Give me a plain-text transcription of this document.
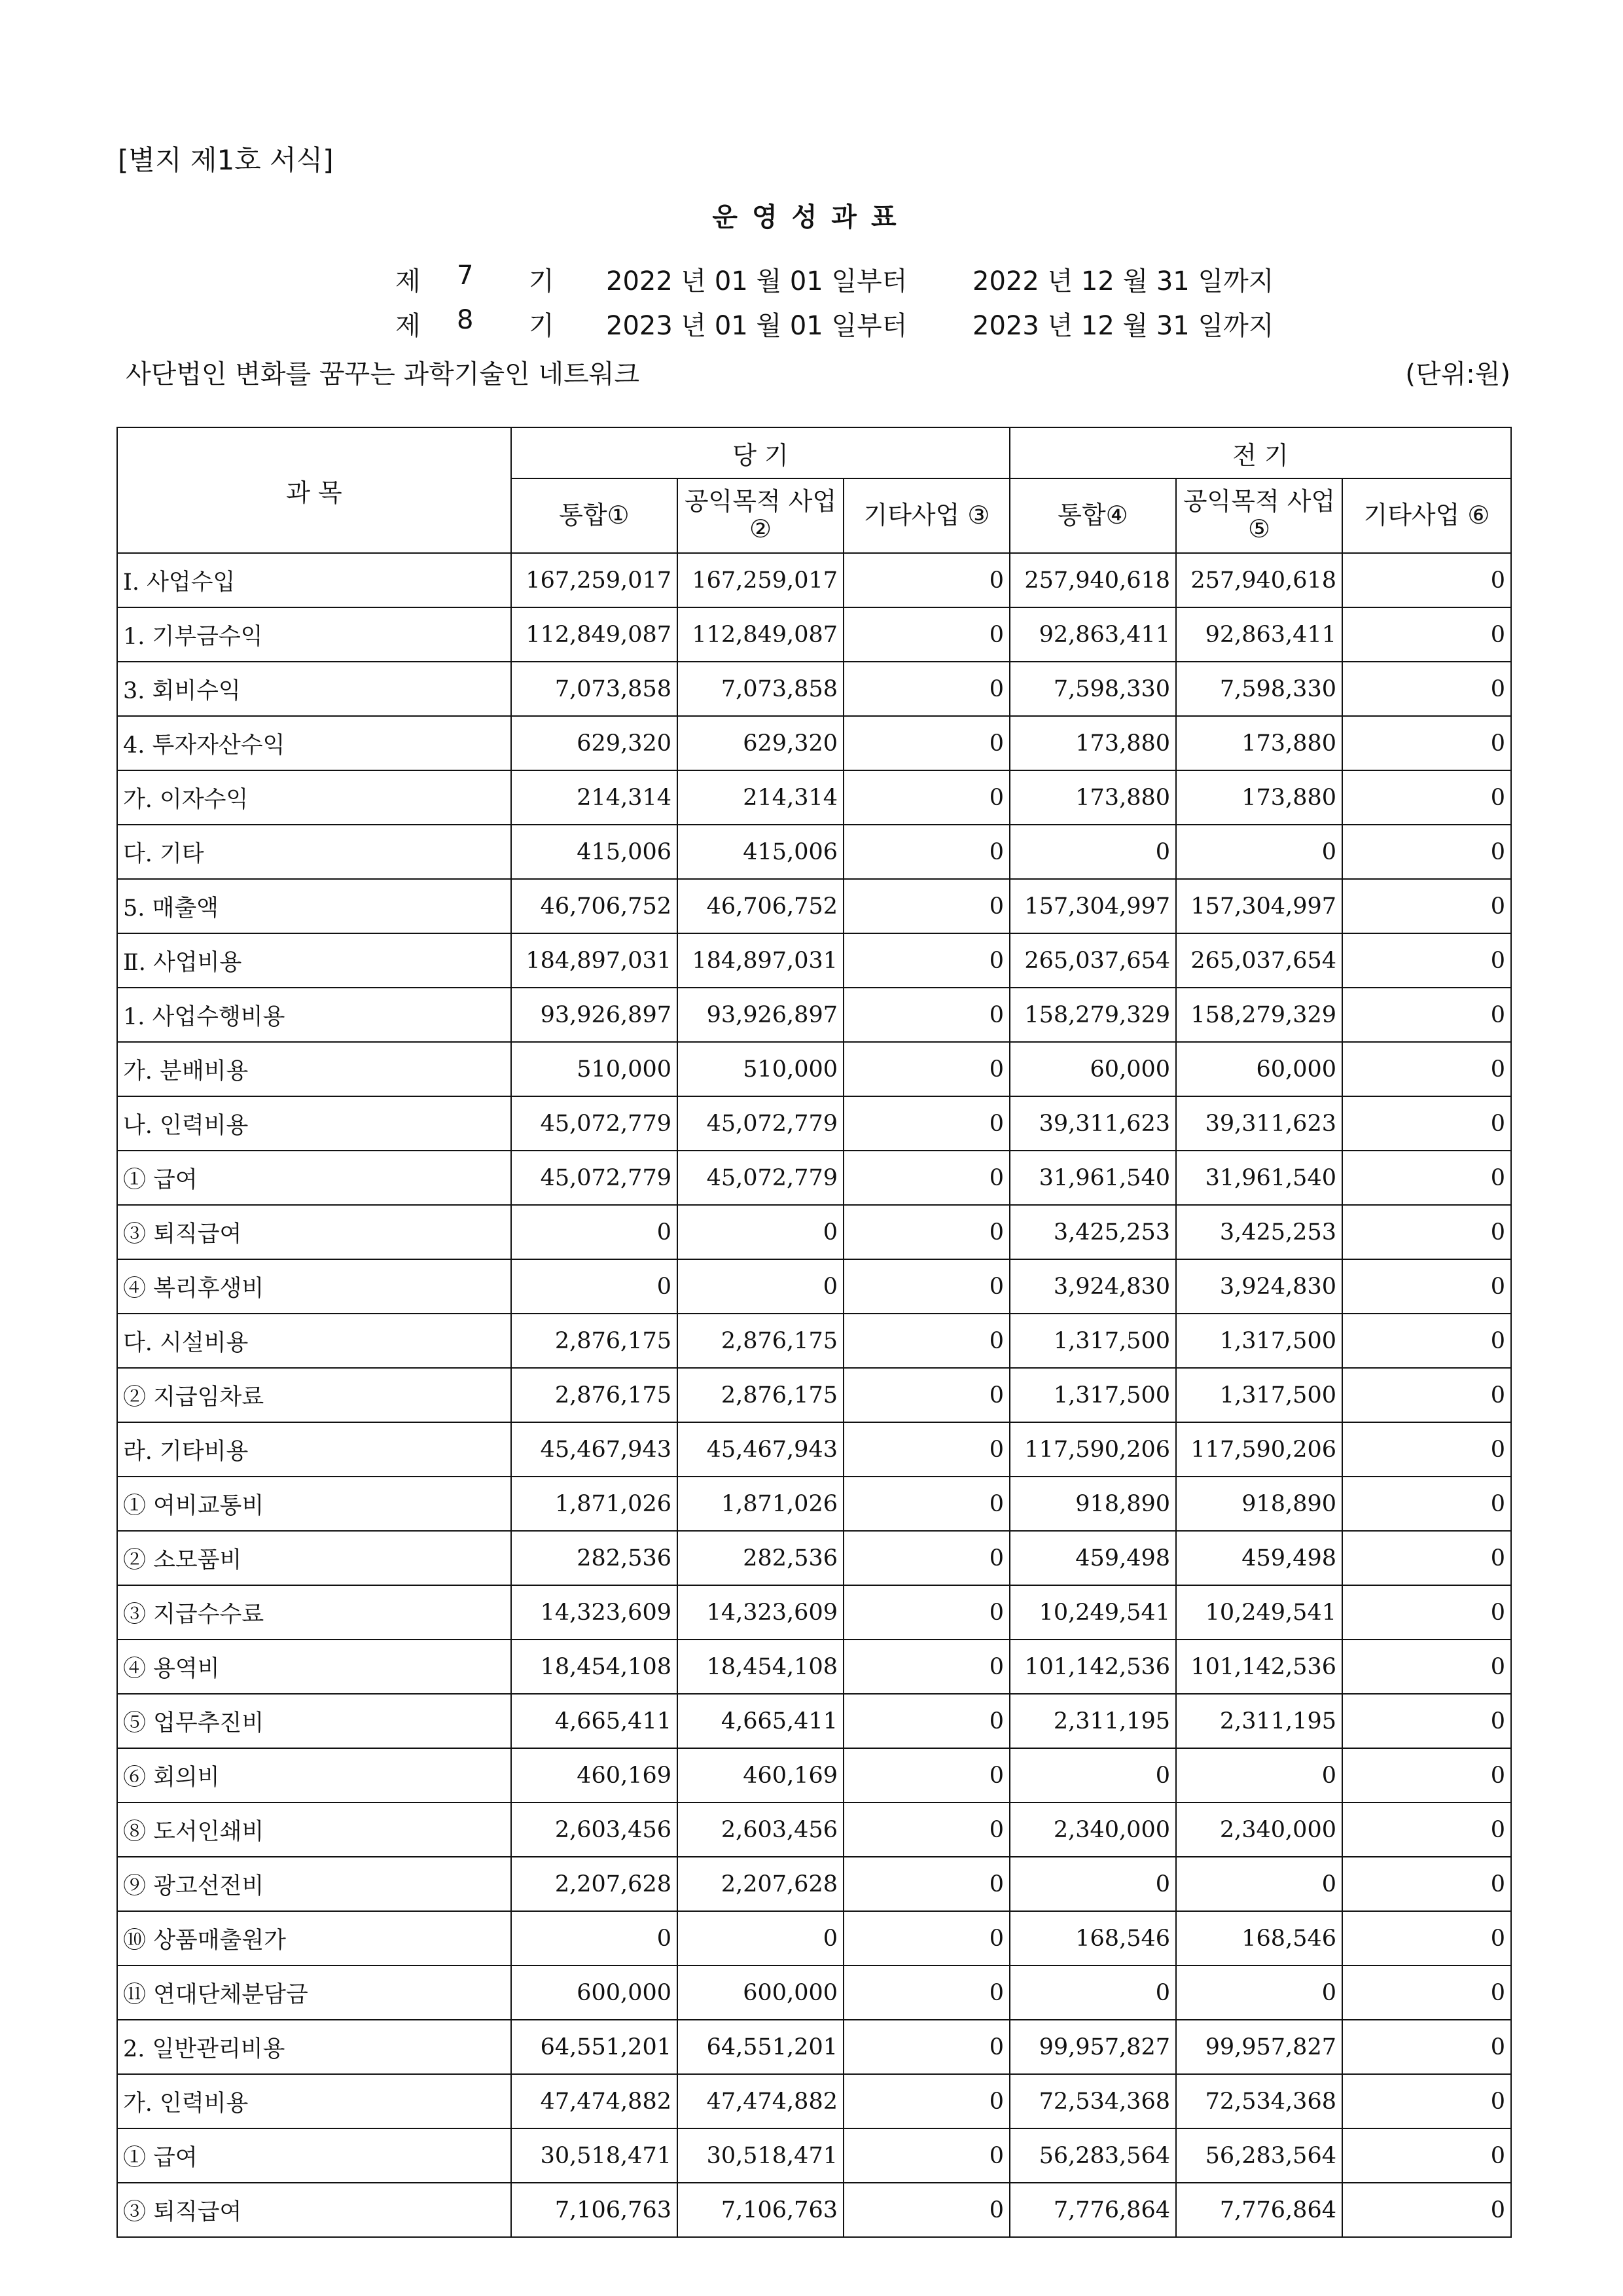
[별지 제1호 서식]
운영성과표
제 7 기 2022 년 01 월 01 일부터 2022 년 12 월 31 일까지
제 8 기 2023 년 01 월 01 일부터 2023 년 12 월 31 일까지
사단법인 변화를 꿈꾸는 과학기술인 네트워크	(단위:원)
과 목	당 기			전 기		
	통합①	공익목적 사업②	기타사업 ③	통합④	공익목적 사업⑤	기타사업 ⑥
Ⅰ. 사업수입	167,259,017	167,259,017	0	257,940,618	257,940,618	0
1. 기부금수익	112,849,087	112,849,087	0	92,863,411	92,863,411	0
3. 회비수익	7,073,858	7,073,858	0	7,598,330	7,598,330	0
4. 투자자산수익	629,320	629,320	0	173,880	173,880	0
가. 이자수익	214,314	214,314	0	173,880	173,880	0
다. 기타	415,006	415,006	0	0	0	0
5. 매출액	46,706,752	46,706,752	0	157,304,997	157,304,997	0
Ⅱ. 사업비용	184,897,031	184,897,031	0	265,037,654	265,037,654	0
1. 사업수행비용	93,926,897	93,926,897	0	158,279,329	158,279,329	0
가. 분배비용	510,000	510,000	0	60,000	60,000	0
나. 인력비용	45,072,779	45,072,779	0	39,311,623	39,311,623	0
① 급여	45,072,779	45,072,779	0	31,961,540	31,961,540	0
③ 퇴직급여	0	0	0	3,425,253	3,425,253	0
④ 복리후생비	0	0	0	3,924,830	3,924,830	0
다. 시설비용	2,876,175	2,876,175	0	1,317,500	1,317,500	0
② 지급임차료	2,876,175	2,876,175	0	1,317,500	1,317,500	0
라. 기타비용	45,467,943	45,467,943	0	117,590,206	117,590,206	0
① 여비교통비	1,871,026	1,871,026	0	918,890	918,890	0
② 소모품비	282,536	282,536	0	459,498	459,498	0
③ 지급수수료	14,323,609	14,323,609	0	10,249,541	10,249,541	0
④ 용역비	18,454,108	18,454,108	0	101,142,536	101,142,536	0
⑤ 업무추진비	4,665,411	4,665,411	0	2,311,195	2,311,195	0
⑥ 회의비	460,169	460,169	0	0	0	0
⑧ 도서인쇄비	2,603,456	2,603,456	0	2,340,000	2,340,000	0
⑨ 광고선전비	2,207,628	2,207,628	0	0	0	0
⑩ 상품매출원가	0	0	0	168,546	168,546	0
⑪ 연대단체분담금	600,000	600,000	0	0	0	0
2. 일반관리비용	64,551,201	64,551,201	0	99,957,827	99,957,827	0
가. 인력비용	47,474,882	47,474,882	0	72,534,368	72,534,368	0
① 급여	30,518,471	30,518,471	0	56,283,564	56,283,564	0
③ 퇴직급여	7,106,763	7,106,763	0	7,776,864	7,776,864	0
